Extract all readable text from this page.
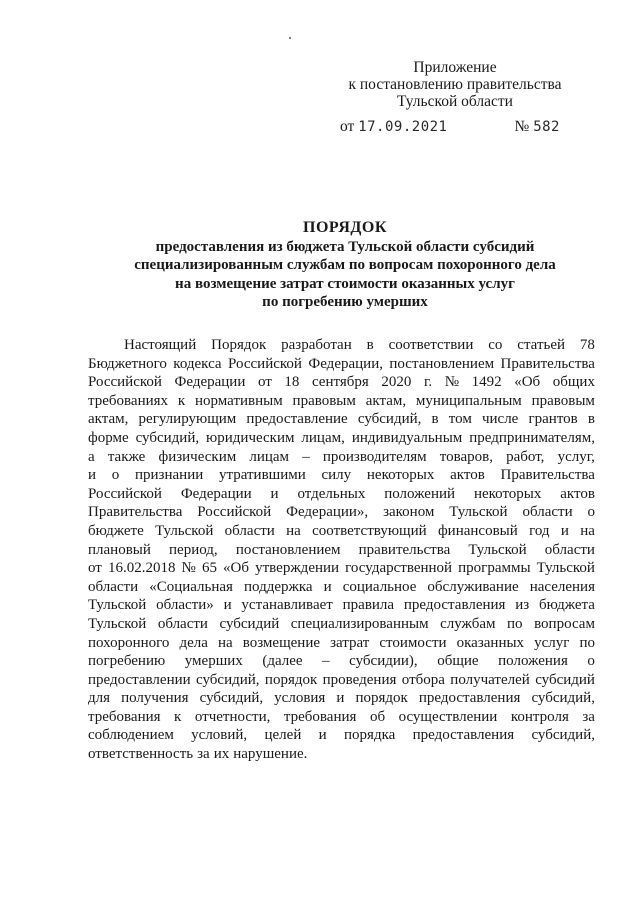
Приложение
к постановлению правительства
Тульской области
от 17.09.2021	№ 582
ПОРЯДОК
предоставления из бюджета Тульской области субсидий
специализированным службам по вопросам похоронного дела
на возмещение затрат стоимости оказанных услуг
по погребению умерших
Настоящий Порядок разработан в соответствии со статьей 78
Бюджетного кодекса Российской Федерации, постановлением Правительства
Российской Федерации от 18 сентября 2020 г. № 1492 «Об общих
требованиях к нормативным правовым актам, муниципальным правовым
актам, регулирующим предоставление субсидий, в том числе грантов в
форме субсидий, юридическим лицам, индивидуальным предпринимателям,
а также физическим лицам – производителям товаров, работ, услуг,
и о признании утратившими силу некоторых актов Правительства
Российской Федерации и отдельных положений некоторых актов
Правительства Российской Федерации», законом Тульской области о
бюджете Тульской области на соответствующий финансовый год и на
плановый период, постановлением правительства Тульской области
от 16.02.2018 № 65 «Об утверждении государственной программы Тульской
области «Социальная поддержка и социальное обслуживание населения
Тульской области» и устанавливает правила предоставления из бюджета
Тульской области субсидий специализированным службам по вопросам
похоронного дела на возмещение затрат стоимости оказанных услуг по
погребению умерших (далее – субсидии), общие положения о
предоставлении субсидий, порядок проведения отбора получателей субсидий
для получения субсидий, условия и порядок предоставления субсидий,
требования к отчетности, требования об осуществлении контроля за
соблюдением условий, целей и порядка предоставления субсидий,
ответственность за их нарушение.
